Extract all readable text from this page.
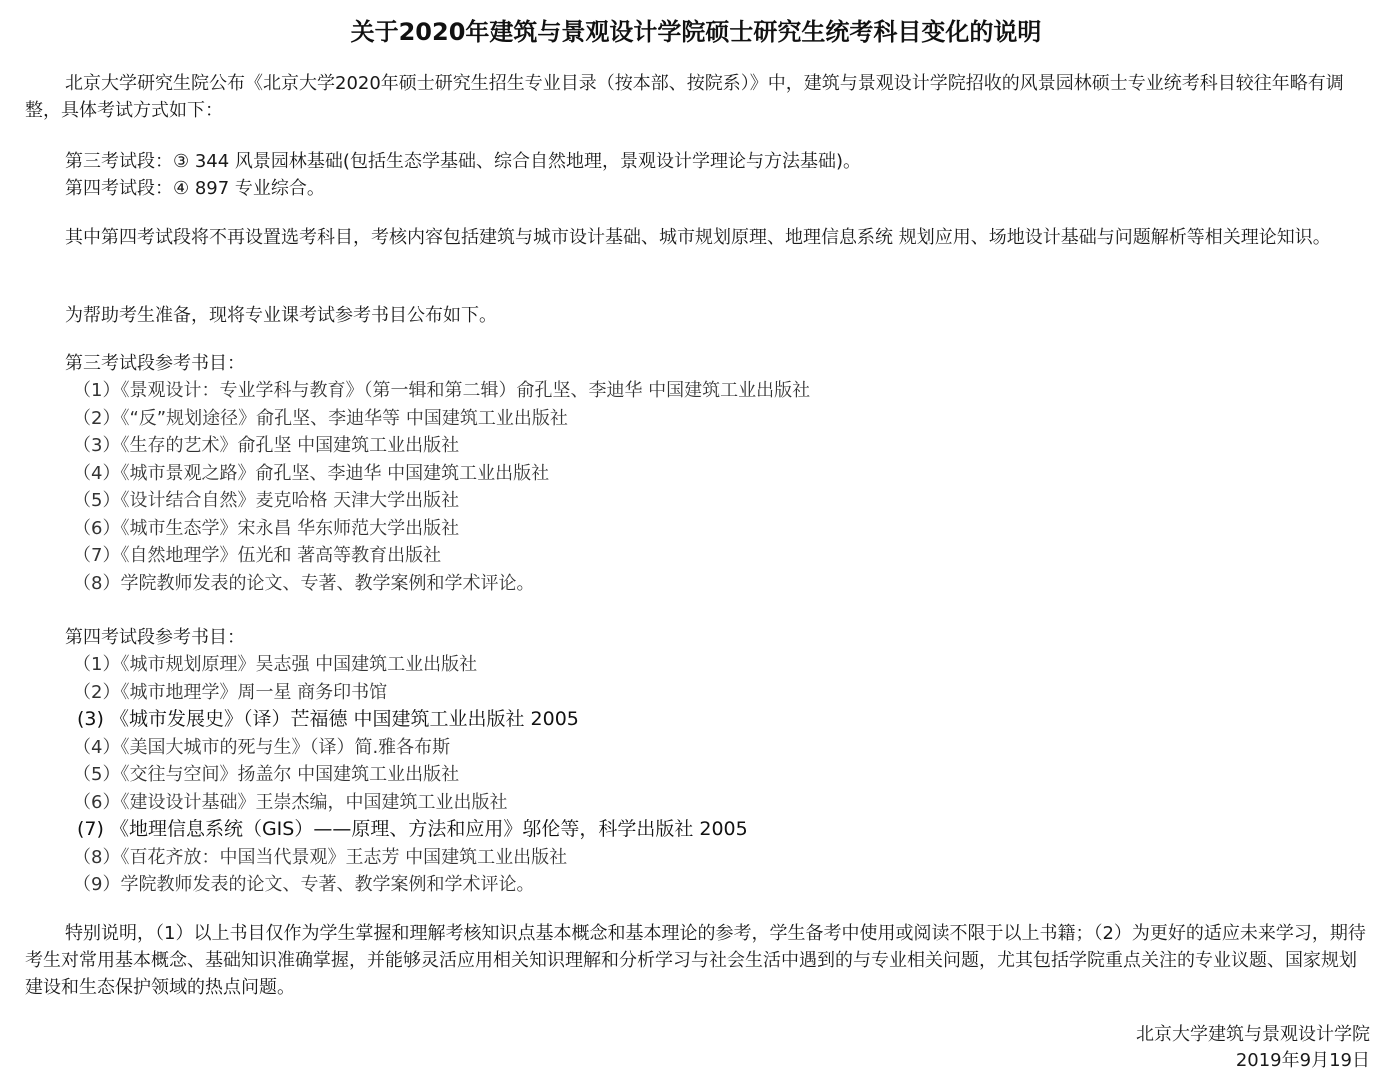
关于2020年建筑与景观设计学院硕士研究生统考科目变化的说明

北京大学研究生院公布《北京大学2020年硕士研究生招生专业目录（按本部、按院系）》中，建筑与景观设计学院招收的风景园林硕士专业统考科目较往年略有调整，具体考试方式如下：

第三考试段：③ 344 风景园林基础(包括生态学基础、综合自然地理，景观设计学理论与方法基础)。

第四考试段：④ 897 专业综合。

其中第四考试段将不再设置选考科目，考核内容包括建筑与城市设计基础、城市规划原理、地理信息系统 规划应用、场地设计基础与问题解析等相关理论知识。

为帮助考生准备，现将专业课考试参考书目公布如下。

第三考试段参考书目：

（1）《景观设计：专业学科与教育》（第一辑和第二辑）俞孔坚、李迪华 中国建筑工业出版社

（2）《“反”规划途径》俞孔坚、李迪华等 中国建筑工业出版社

（3）《生存的艺术》俞孔坚 中国建筑工业出版社

（4）《城市景观之路》俞孔坚、李迪华 中国建筑工业出版社

（5）《设计结合自然》麦克哈格 天津大学出版社

（6）《城市生态学》宋永昌 华东师范大学出版社

（7）《自然地理学》伍光和 著高等教育出版社

（8）学院教师发表的论文、专著、教学案例和学术评论。

第四考试段参考书目：

（1）《城市规划原理》吴志强 中国建筑工业出版社

（2）《城市地理学》周一星 商务印书馆

(3) 《城市发展史》（译）芒福德 中国建筑工业出版社 2005

（4）《美国大城市的死与生》（译）简.雅各布斯

（5）《交往与空间》扬盖尔 中国建筑工业出版社

（6）《建设设计基础》王崇杰编，中国建筑工业出版社

(7) 《地理信息系统（GIS）——原理、方法和应用》邬伦等，科学出版社 2005

（8）《百花齐放：中国当代景观》王志芳 中国建筑工业出版社

（9）学院教师发表的论文、专著、教学案例和学术评论。

特别说明，（1）以上书目仅作为学生掌握和理解考核知识点基本概念和基本理论的参考，学生备考中使用或阅读不限于以上书籍；（2）为更好的适应未来学习，期待考生对常用基本概念、基础知识准确掌握，并能够灵活应用相关知识理解和分析学习与社会生活中遇到的与专业相关问题，尤其包括学院重点关注的专业议题、国家规划建设和生态保护领域的热点问题。

北京大学建筑与景观设计学院
2019年9月19日
